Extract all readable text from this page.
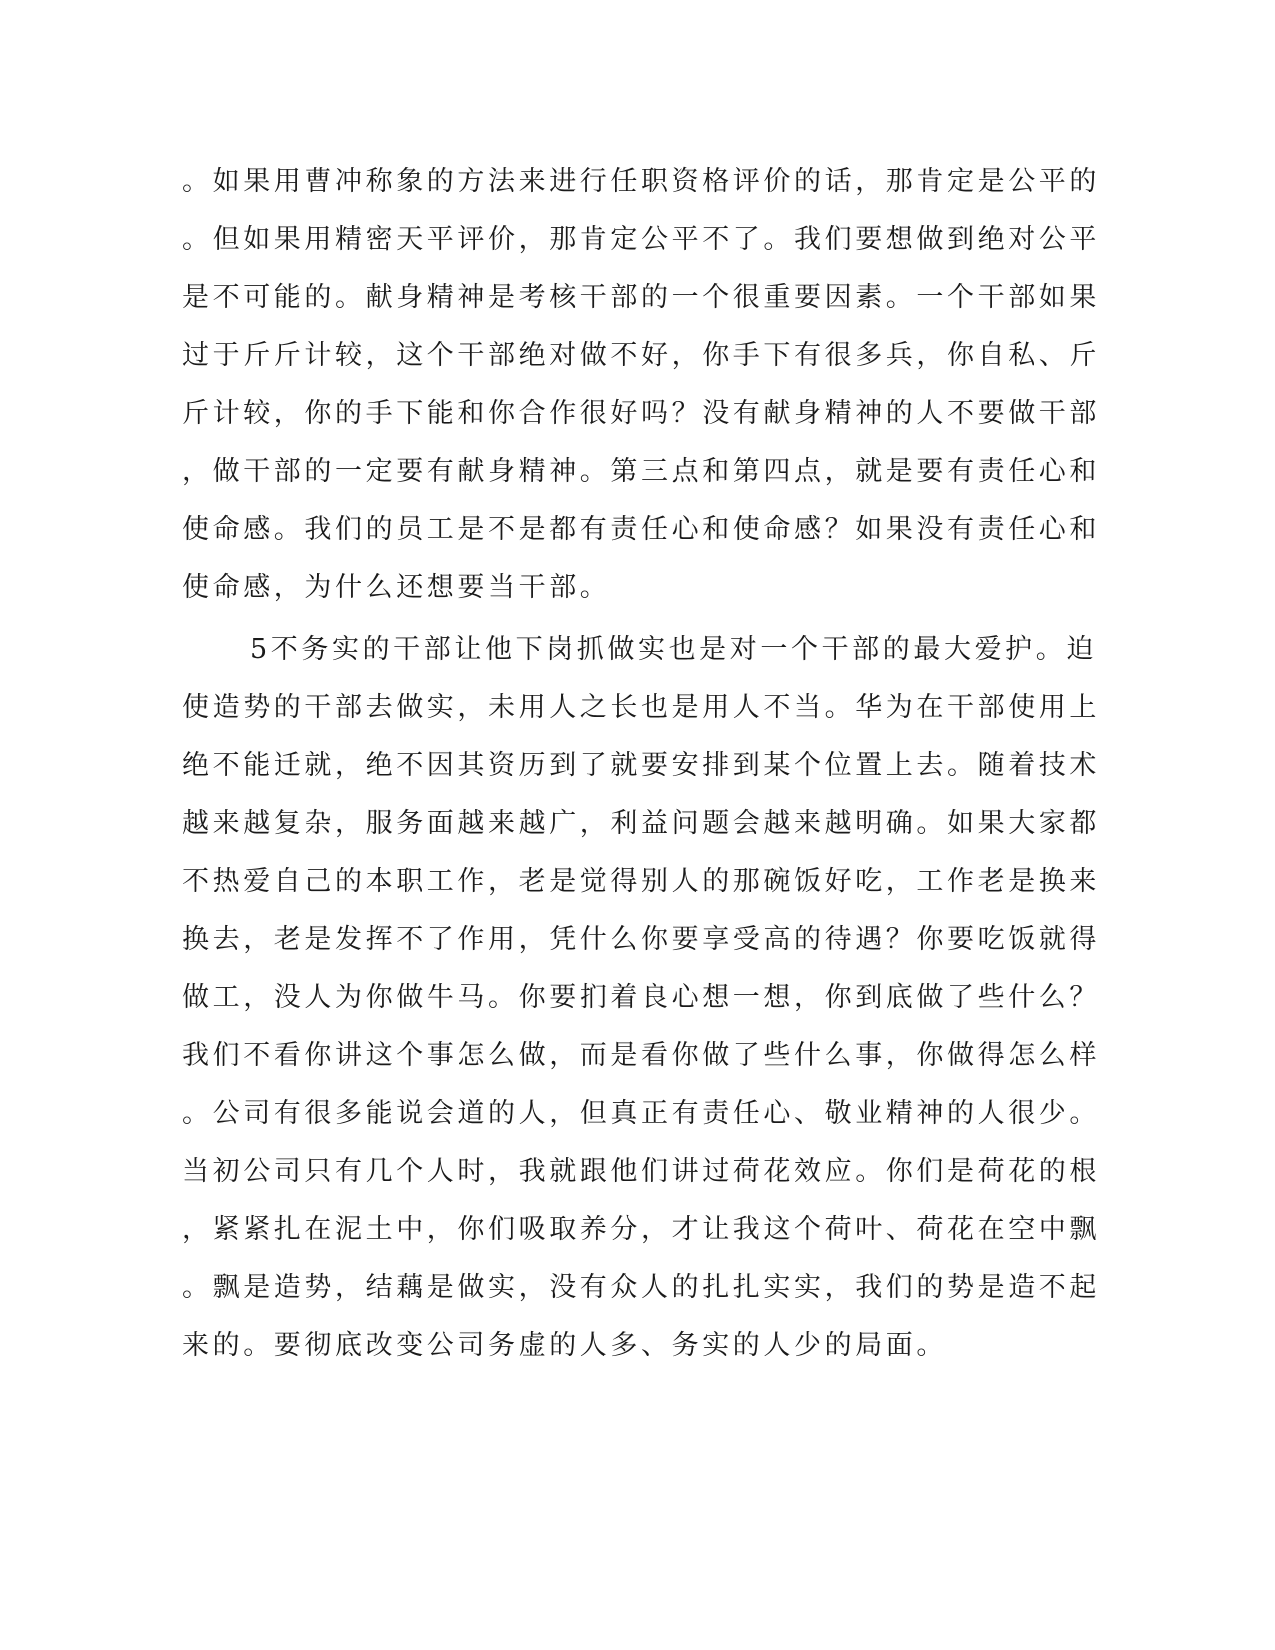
。如果用曹冲称象的方法来进行任职资格评价的话，那肯定是公平的
。但如果用精密天平评价，那肯定公平不了。我们要想做到绝对公平
是不可能的。献身精神是考核干部的一个很重要因素。一个干部如果
过于斤斤计较，这个干部绝对做不好，你手下有很多兵，你自私、斤
斤计较，你的手下能和你合作很好吗？没有献身精神的人不要做干部
，做干部的一定要有献身精神。第三点和第四点，就是要有责任心和
使命感。我们的员工是不是都有责任心和使命感？如果没有责任心和
使命感，为什么还想要当干部。
5不务实的干部让他下岗抓做实也是对一个干部的最大爱护。迫
使造势的干部去做实，未用人之长也是用人不当。华为在干部使用上
绝不能迁就，绝不因其资历到了就要安排到某个位置上去。随着技术
越来越复杂，服务面越来越广，利益问题会越来越明确。如果大家都
不热爱自己的本职工作，老是觉得别人的那碗饭好吃，工作老是换来
换去，老是发挥不了作用，凭什么你要享受高的待遇？你要吃饭就得
做工，没人为你做牛马。你要扪着良心想一想，你到底做了些什么？
我们不看你讲这个事怎么做，而是看你做了些什么事，你做得怎么样
。公司有很多能说会道的人，但真正有责任心、敬业精神的人很少。
当初公司只有几个人时，我就跟他们讲过荷花效应。你们是荷花的根
，紧紧扎在泥土中，你们吸取养分，才让我这个荷叶、荷花在空中飘
。飘是造势，结藕是做实，没有众人的扎扎实实，我们的势是造不起
来的。要彻底改变公司务虚的人多、务实的人少的局面。
